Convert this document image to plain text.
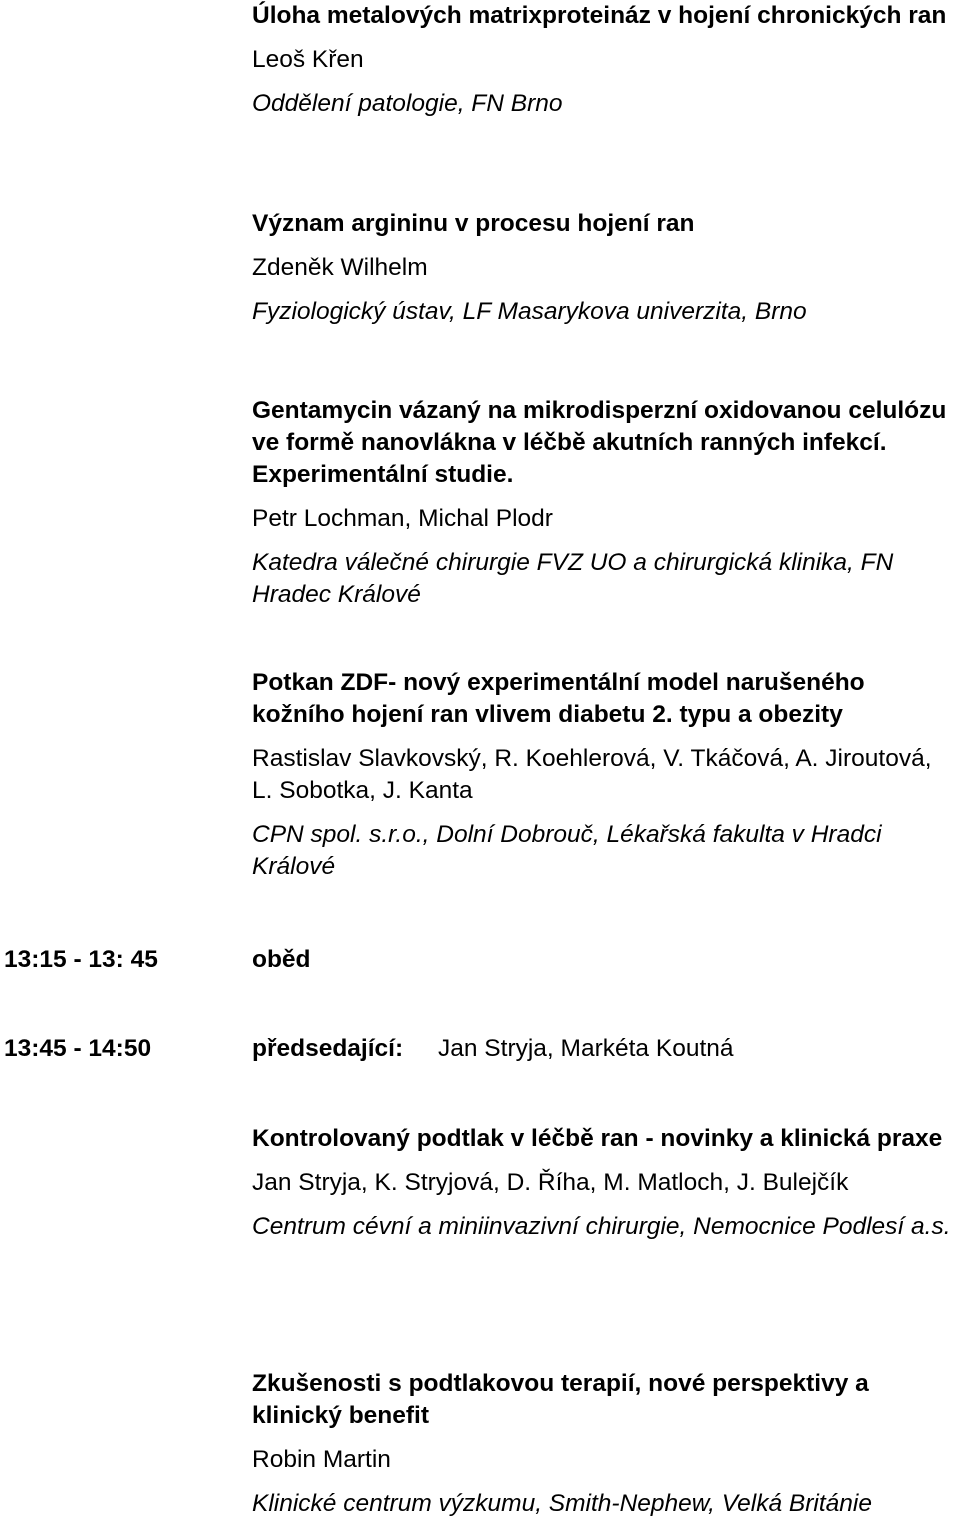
Úloha metalových matrixproteináz v hojení chronických ran
Leoš Křen
Oddělení patologie, FN Brno
Význam argininu v procesu hojení ran
Zdeněk Wilhelm
Fyziologický ústav, LF Masarykova univerzita, Brno
Gentamycin vázaný na mikrodisperzní oxidovanou celulózu ve formě nanovlákna v léčbě akutních ranných infekcí. Experimentální studie.
Petr Lochman, Michal Plodr
Katedra válečné chirurgie FVZ UO a chirurgická klinika, FN Hradec Králové
Potkan ZDF- nový experimentální model narušeného kožního hojení ran vlivem diabetu 2. typu a obezity
Rastislav Slavkovský, R. Koehlerová, V. Tkáčová, A. Jiroutová, L. Sobotka, J. Kanta
CPN spol. s.r.o., Dolní Dobrouč, Lékařská fakulta v Hradci Králové
13:15 - 13: 45	oběd
13:45 - 14:50	předsedající: Jan Stryja, Markéta Koutná
Kontrolovaný podtlak v léčbě ran - novinky a klinická praxe
Jan Stryja, K. Stryjová, D. Říha, M. Matloch, J. Bulejčík
Centrum cévní a miniinvazivní chirurgie, Nemocnice Podlesí a.s.
Zkušenosti s podtlakovou terapií, nové perspektivy a klinický benefit
Robin Martin
Klinické centrum výzkumu, Smith-Nephew, Velká Británie
